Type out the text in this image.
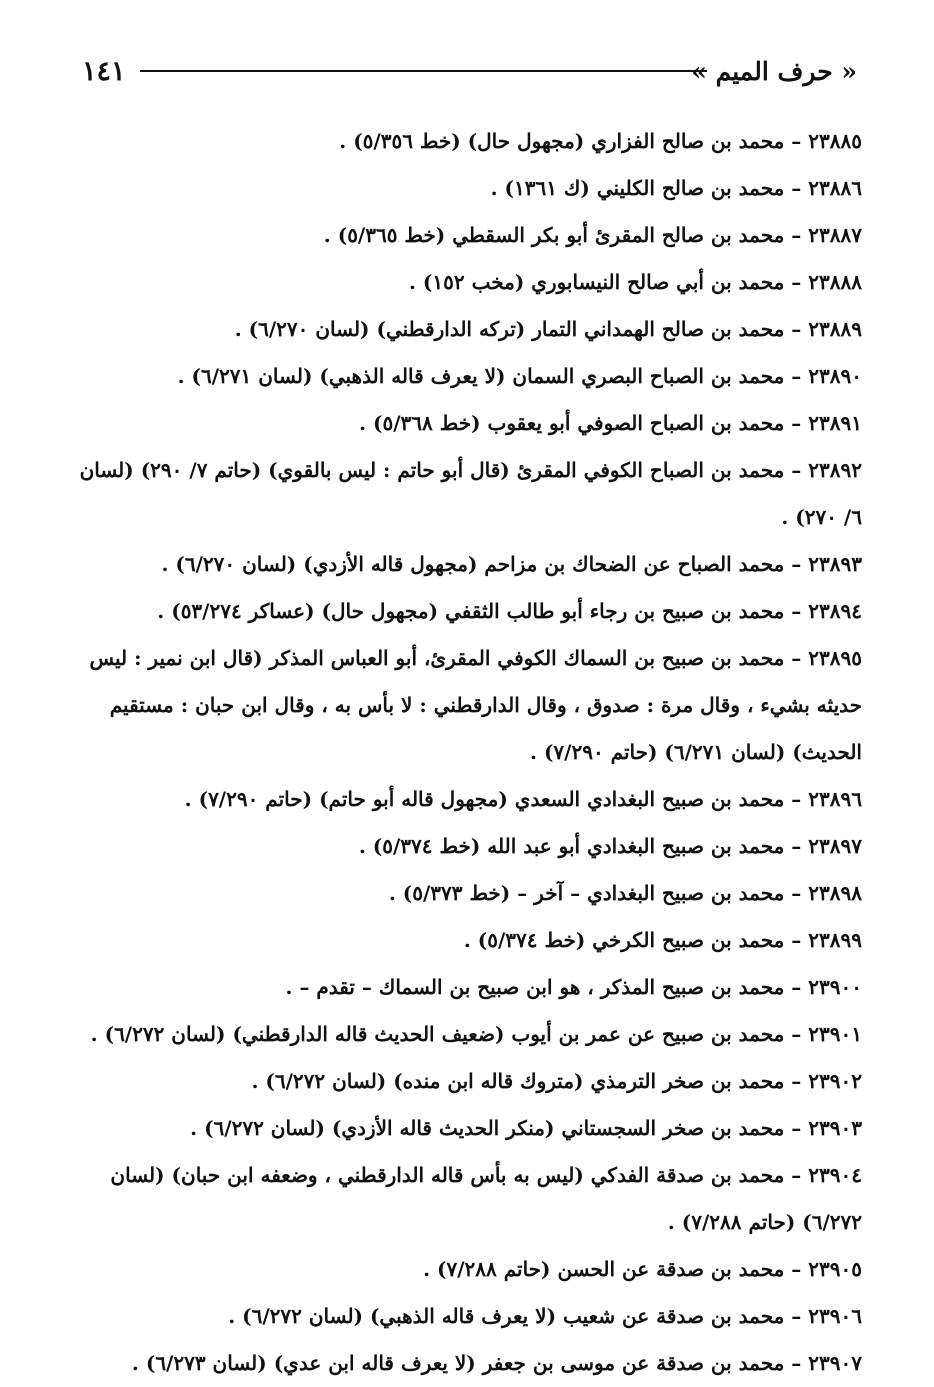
١٤١	« حرف الميم »

٢٣٨٨٥ – محمد بن صالح الفزاري (مجهول حال) (خط ٥/٣٥٦) .

٢٣٨٨٦ – محمد بن صالح الكليني (ك ١٣٦١) .

٢٣٨٨٧ – محمد بن صالح المقرئ أبو بكر السقطي (خط ٥/٣٦٥) .

٢٣٨٨٨ – محمد بن أبي صالح النيسابوري (مخب ١٥٢) .

٢٣٨٨٩ – محمد بن صالح الهمداني التمار (تركه الدارقطني) (لسان ٦/٢٧٠) .

٢٣٨٩٠ – محمد بن الصباح البصري السمان (لا يعرف قاله الذهبي) (لسان ٦/٢٧١) .

٢٣٨٩١ – محمد بن الصباح الصوفي أبو يعقوب (خط ٥/٣٦٨) .

٢٣٨٩٢ – محمد بن الصباح الكوفي المقرئ (قال أبو حاتم : ليس بالقوي) (حاتم ٧/ ٢٩٠) (لسان ٦/ ٢٧٠) .

٢٣٨٩٣ – محمد الصباح عن الضحاك بن مزاحم (مجهول قاله الأزدي) (لسان ٦/٢٧٠) .

٢٣٨٩٤ – محمد بن صبيح بن رجاء أبو طالب الثقفي (مجهول حال) (عساكر ٥٣/٢٧٤) .

٢٣٨٩٥ – محمد بن صبيح بن السماك الكوفي المقرئ، أبو العباس المذكر (قال ابن نمير : ليس حديثه بشيء ، وقال مرة : صدوق ، وقال الدارقطني : لا بأس به ، وقال ابن حبان : مستقيم الحديث) (لسان ٦/٢٧١) (حاتم ٧/٢٩٠) .

٢٣٨٩٦ – محمد بن صبيح البغدادي السعدي (مجهول قاله أبو حاتم) (حاتم ٧/٢٩٠) .

٢٣٨٩٧ – محمد بن صبيح البغدادي أبو عبد الله (خط ٥/٣٧٤) .

٢٣٨٩٨ – محمد بن صبيح البغدادي – آخر – (خط ٥/٣٧٣) .

٢٣٨٩٩ – محمد بن صبيح الكرخي (خط ٥/٣٧٤) .

٢٣٩٠٠ – محمد بن صبيح المذكر ، هو ابن صبيح بن السماك – تقدم – .

٢٣٩٠١ – محمد بن صبيح عن عمر بن أيوب (ضعيف الحديث قاله الدارقطني) (لسان ٦/٢٧٢) .

٢٣٩٠٢ – محمد بن صخر الترمذي (متروك قاله ابن منده) (لسان ٦/٢٧٢) .

٢٣٩٠٣ – محمد بن صخر السجستاني (منكر الحديث قاله الأزدي) (لسان ٦/٢٧٢) .

٢٣٩٠٤ – محمد بن صدقة الفدكي (ليس به بأس قاله الدارقطني ، وضعفه ابن حبان) (لسان ٦/٢٧٢) (حاتم ٧/٢٨٨) .

٢٣٩٠٥ – محمد بن صدقة عن الحسن (حاتم ٧/٢٨٨) .

٢٣٩٠٦ – محمد بن صدقة عن شعيب (لا يعرف قاله الذهبي) (لسان ٦/٢٧٢) .

٢٣٩٠٧ – محمد بن صدقة عن موسى بن جعفر (لا يعرف قاله ابن عدي) (لسان ٦/٢٧٣) .
